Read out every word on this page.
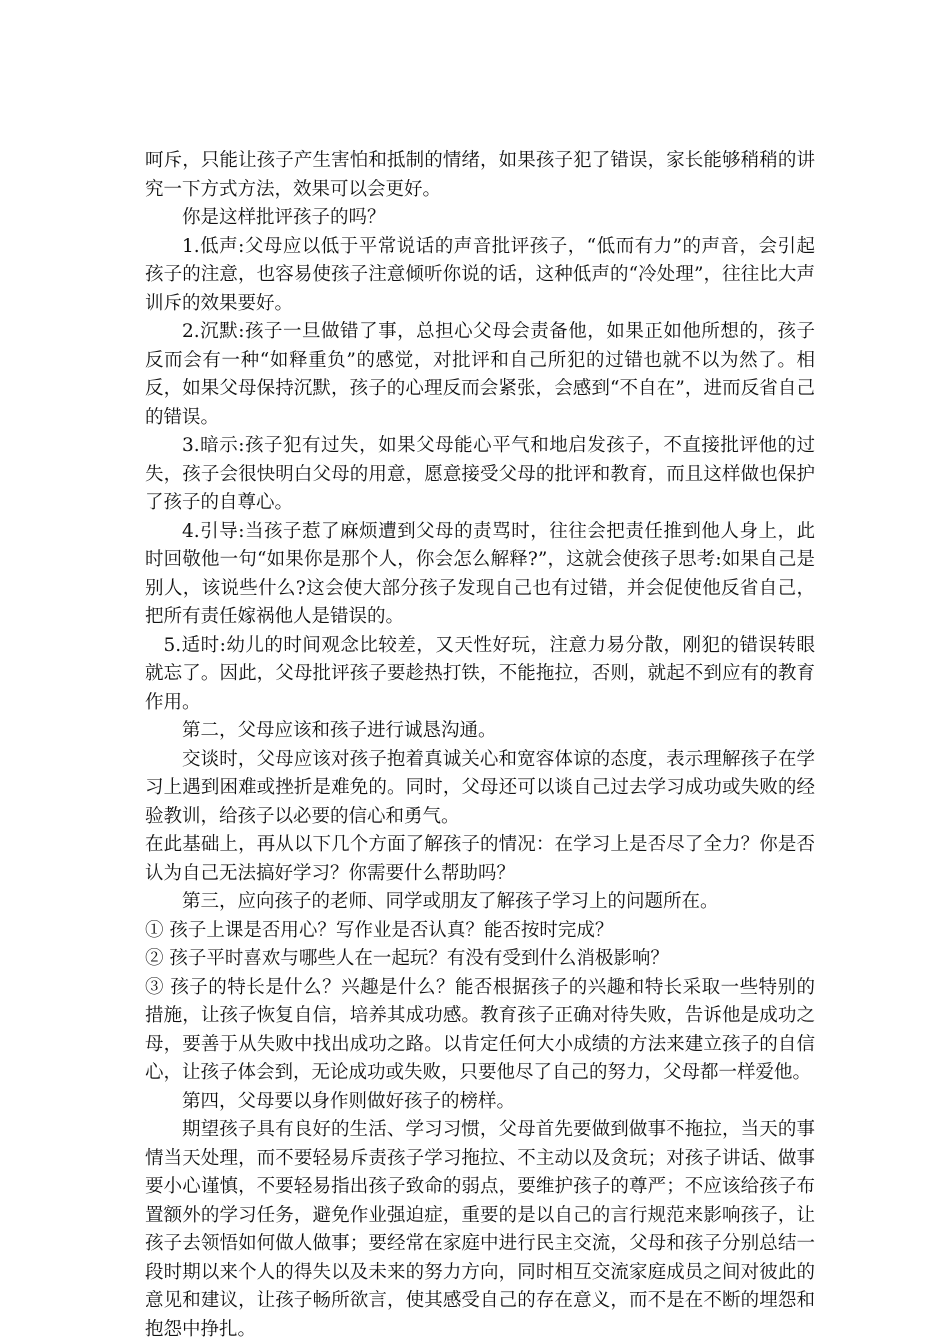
呵斥，只能让孩子产生害怕和抵制的情绪，如果孩子犯了错误，家长能够稍稍的讲究一下方式方法，效果可以会更好。

你是这样批评孩子的吗？

1.低声:父母应以低于平常说话的声音批评孩子，“低而有力”的声音，会引起孩子的注意，也容易使孩子注意倾听你说的话，这种低声的“冷处理”，往往比大声训斥的效果要好。

2.沉默:孩子一旦做错了事，总担心父母会责备他，如果正如他所想的，孩子反而会有一种“如释重负”的感觉，对批评和自己所犯的过错也就不以为然了。相反，如果父母保持沉默，孩子的心理反而会紧张，会感到“不自在”，进而反省自己的错误。

3.暗示:孩子犯有过失，如果父母能心平气和地启发孩子，不直接批评他的过失，孩子会很快明白父母的用意，愿意接受父母的批评和教育，而且这样做也保护了孩子的自尊心。

4.引导:当孩子惹了麻烦遭到父母的责骂时，往往会把责任推到他人身上，此时回敬他一句“如果你是那个人，你会怎么解释?”，这就会使孩子思考:如果自己是别人，该说些什么?这会使大部分孩子发现自己也有过错，并会促使他反省自己，把所有责任嫁祸他人是错误的。

5.适时:幼儿的时间观念比较差，又天性好玩，注意力易分散，刚犯的错误转眼就忘了。因此，父母批评孩子要趁热打铁，不能拖拉，否则，就起不到应有的教育作用。

第二，父母应该和孩子进行诚恳沟通。

交谈时，父母应该对孩子抱着真诚关心和宽容体谅的态度，表示理解孩子在学习上遇到困难或挫折是难免的。同时，父母还可以谈自己过去学习成功或失败的经验教训，给孩子以必要的信心和勇气。

在此基础上，再从以下几个方面了解孩子的情况：在学习上是否尽了全力？你是否认为自己无法搞好学习？你需要什么帮助吗？

第三，应向孩子的老师、同学或朋友了解孩子学习上的问题所在。

① 孩子上课是否用心？写作业是否认真？能否按时完成？

② 孩子平时喜欢与哪些人在一起玩？有没有受到什么消极影响？

③ 孩子的特长是什么？兴趣是什么？能否根据孩子的兴趣和特长采取一些特别的措施，让孩子恢复自信，培养其成功感。教育孩子正确对待失败，告诉他是成功之母，要善于从失败中找出成功之路。以肯定任何大小成绩的方法来建立孩子的自信心，让孩子体会到，无论成功或失败，只要他尽了自己的努力，父母都一样爱他。

第四，父母要以身作则做好孩子的榜样。

期望孩子具有良好的生活、学习习惯，父母首先要做到做事不拖拉，当天的事情当天处理，而不要轻易斥责孩子学习拖拉、不主动以及贪玩；对孩子讲话、做事要小心谨慎，不要轻易指出孩子致命的弱点，要维护孩子的尊严；不应该给孩子布置额外的学习任务，避免作业强迫症，重要的是以自己的言行规范来影响孩子，让孩子去领悟如何做人做事；要经常在家庭中进行民主交流，父母和孩子分别总结一段时期以来个人的得失以及未来的努力方向，同时相互交流家庭成员之间对彼此的意见和建议，让孩子畅所欲言，使其感受自己的存在意义，而不是在不断的埋怨和抱怨中挣扎。
